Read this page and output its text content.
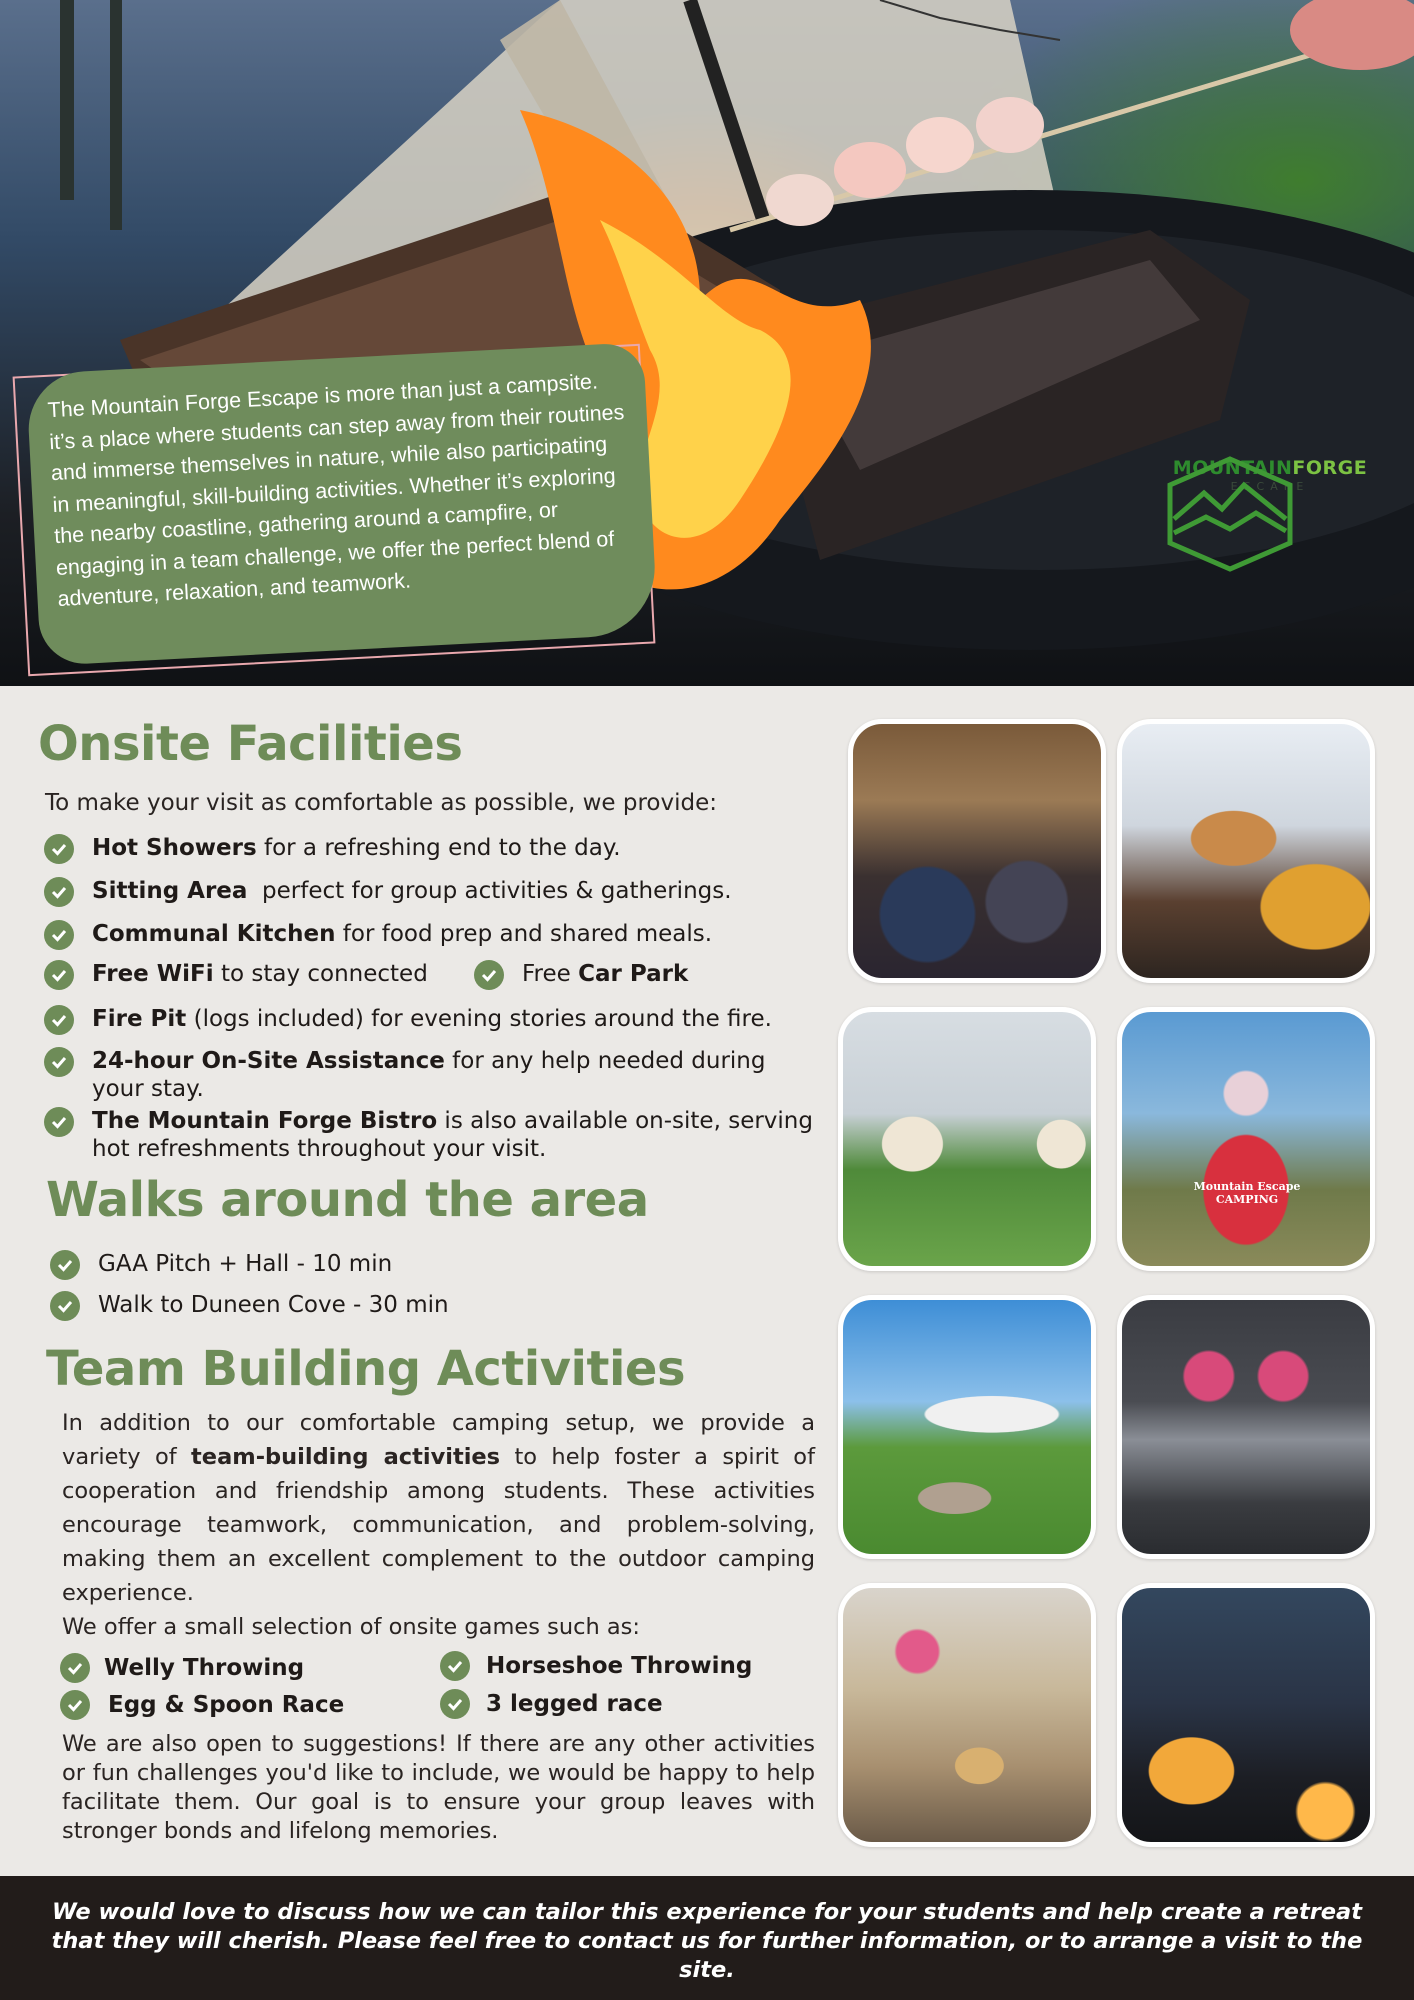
The Mountain Forge Escape is more than just a campsite. it’s a place where students can step away from their routines and immerse themselves in nature, while also participating in meaningful, skill-building activities. Whether it’s exploring the nearby coastline, gathering around a campfire, or engaging in a team challenge, we offer the perfect blend of adventure, relaxation, and teamwork.
MOUNTAINFORGE
ESCAPE
Onsite Facilities
To make your visit as comfortable as possible, we provide:
Hot Showers for a refreshing end to the day.
Sitting Area  perfect for group activities & gatherings.
Communal Kitchen for food prep and shared meals.
Free WiFi to stay connected	Free Car Park
Fire Pit (logs included) for evening stories around the fire.
24-hour On-Site Assistance for any help needed during your stay.
The Mountain Forge Bistro is also available on-site, serving hot refreshments throughout your visit.
Walks around the area
GAA Pitch + Hall - 10 min
Walk to Duneen Cove - 30 min
Team Building Activities

In addition to our comfortable camping setup, we provide a variety of team-building activities to help foster a spirit of cooperation and friendship among students. These activities encourage teamwork, communication, and problem-solving, making them an excellent complement to the outdoor camping experience.

We offer a small selection of onsite games such as:
Welly Throwing	Horseshoe Throwing
Egg & Spoon Race	3 legged race

We are also open to suggestions! If there are any other activities or fun challenges you'd like to include, we would be happy to help facilitate them. Our goal is to ensure your group leaves with stronger bonds and lifelong memories.

Mountain Escape CAMPING

We would love to discuss how we can tailor this experience for your students and help create a retreat that they will cherish. Please feel free to contact us for further information, or to arrange a visit to the site.
